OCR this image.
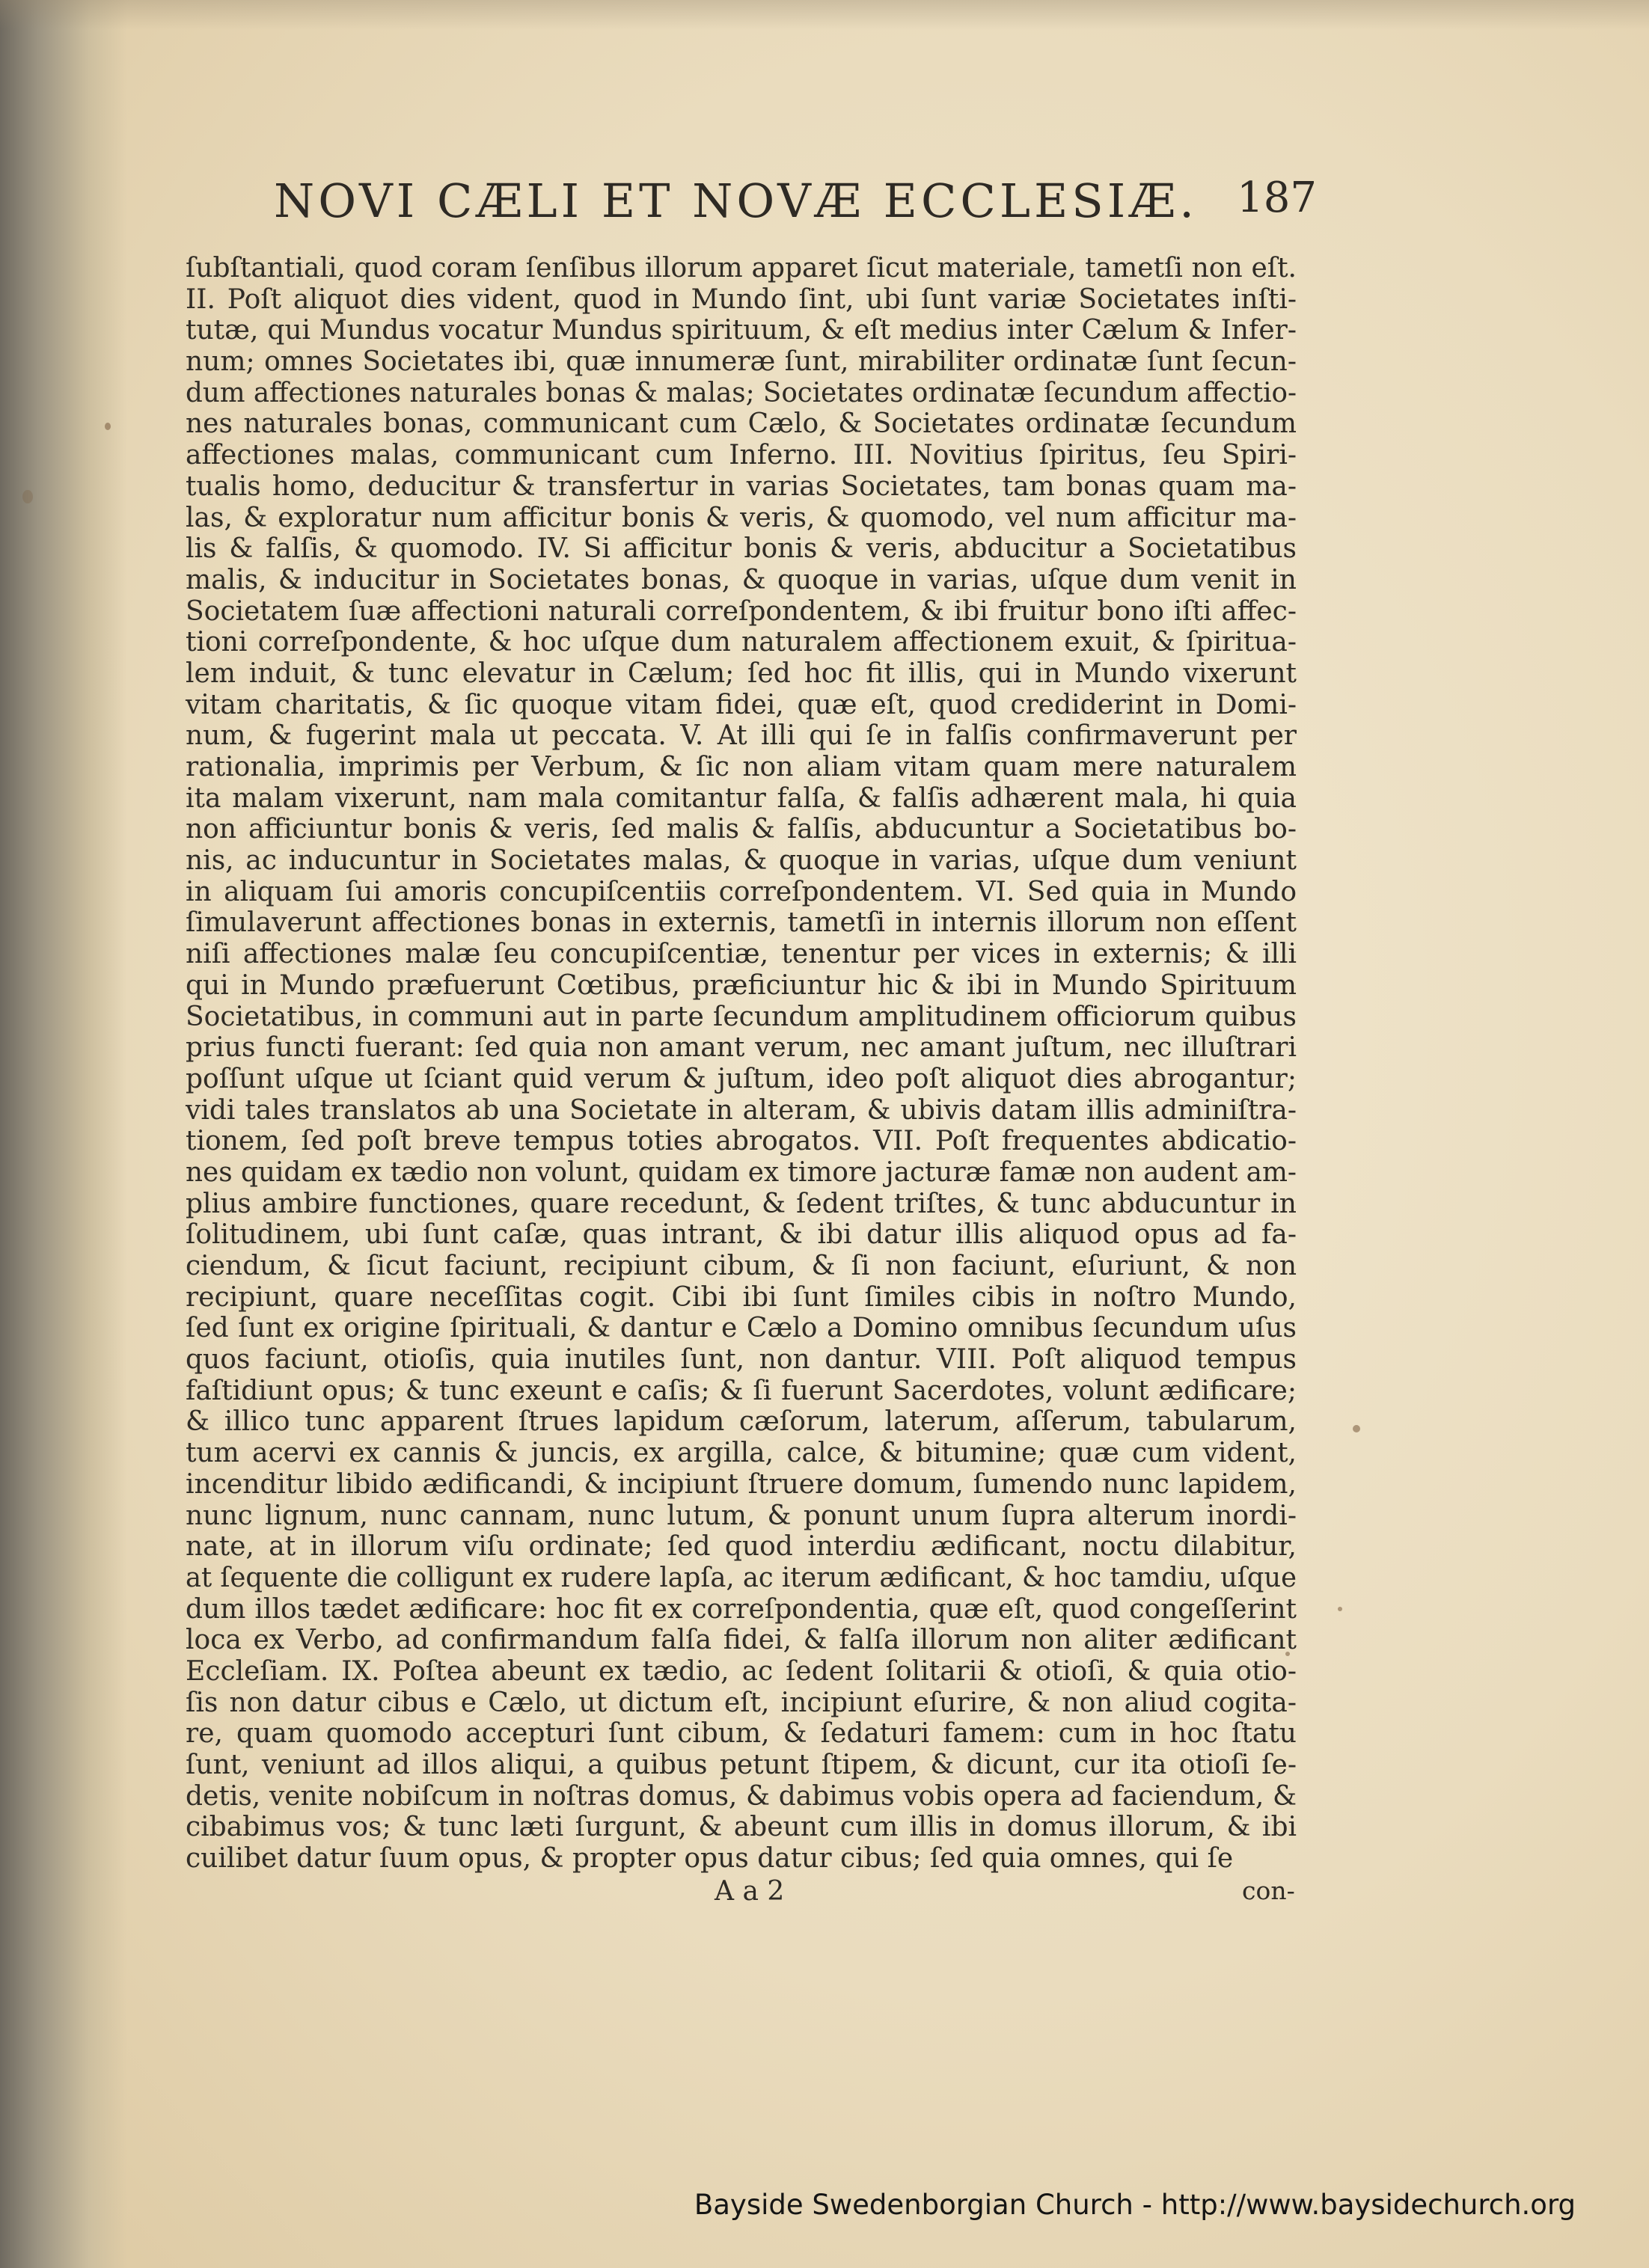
NOVI CÆLI ET NOVÆ ECCLESIÆ. 187
ſubſtantiali, quod coram ſenſibus illorum apparet ſicut materiale, tametſi non eſt.
II. Poſt aliquot dies vident, quod in Mundo ſint, ubi ſunt variæ Societates inſti-
tutæ, qui Mundus vocatur Mundus spirituum, & eſt medius inter Cælum & Infer-
num; omnes Societates ibi, quæ innumeræ ſunt, mirabiliter ordinatæ ſunt ſecun-
dum affectiones naturales bonas & malas; Societates ordinatæ ſecundum affectio-
nes naturales bonas, communicant cum Cælo, & Societates ordinatæ ſecundum
affectiones malas, communicant cum Inferno. III. Novitius ſpiritus, ſeu Spiri-
tualis homo, deducitur & transfertur in varias Societates, tam bonas quam ma-
las, & exploratur num afficitur bonis & veris, & quomodo, vel num afficitur ma-
lis & falſis, & quomodo. IV. Si afficitur bonis & veris, abducitur a Societatibus
malis, & inducitur in Societates bonas, & quoque in varias, uſque dum venit in
Societatem ſuæ affectioni naturali correſpondentem, & ibi fruitur bono iſti affec-
tioni correſpondente, & hoc uſque dum naturalem affectionem exuit, & ſpiritua-
lem induit, & tunc elevatur in Cælum; ſed hoc fit illis, qui in Mundo vixerunt
vitam charitatis, & ſic quoque vitam fidei, quæ eſt, quod crediderint in Domi-
num, & fugerint mala ut peccata. V. At illi qui ſe in falſis confirmaverunt per
rationalia, imprimis per Verbum, & ſic non aliam vitam quam mere naturalem
ita malam vixerunt, nam mala comitantur falſa, & falſis adhærent mala, hi quia
non afficiuntur bonis & veris, ſed malis & falſis, abducuntur a Societatibus bo-
nis, ac inducuntur in Societates malas, & quoque in varias, uſque dum veniunt
in aliquam ſui amoris concupiſcentiis correſpondentem. VI. Sed quia in Mundo
ſimulaverunt affectiones bonas in externis, tametſi in internis illorum non eſſent
niſi affectiones malæ ſeu concupiſcentiæ, tenentur per vices in externis; & illi
qui in Mundo præfuerunt Cœtibus, præficiuntur hic & ibi in Mundo Spirituum
Societatibus, in communi aut in parte ſecundum amplitudinem officiorum quibus
prius functi fuerant: ſed quia non amant verum, nec amant juſtum, nec illuſtrari
poſſunt uſque ut ſciant quid verum & juſtum, ideo poſt aliquot dies abrogantur;
vidi tales translatos ab una Societate in alteram, & ubivis datam illis adminiſtra-
tionem, ſed poſt breve tempus toties abrogatos. VII. Poſt frequentes abdicatio-
nes quidam ex tædio non volunt, quidam ex timore jacturæ famæ non audent am-
plius ambire functiones, quare recedunt, & ſedent triſtes, & tunc abducuntur in
ſolitudinem, ubi ſunt caſæ, quas intrant, & ibi datur illis aliquod opus ad fa-
ciendum, & ſicut faciunt, recipiunt cibum, & ſi non faciunt, eſuriunt, & non
recipiunt, quare neceſſitas cogit. Cibi ibi ſunt ſimiles cibis in noſtro Mundo,
ſed ſunt ex origine ſpirituali, & dantur e Cælo a Domino omnibus ſecundum uſus
quos faciunt, otioſis, quia inutiles ſunt, non dantur. VIII. Poſt aliquod tempus
faſtidiunt opus; & tunc exeunt e caſis; & ſi fuerunt Sacerdotes, volunt ædificare;
& illico tunc apparent ſtrues lapidum cæſorum, laterum, aſſerum, tabularum,
tum acervi ex cannis & juncis, ex argilla, calce, & bitumine; quæ cum vident,
incenditur libido ædificandi, & incipiunt ſtruere domum, ſumendo nunc lapidem,
nunc lignum, nunc cannam, nunc lutum, & ponunt unum ſupra alterum inordi-
nate, at in illorum viſu ordinate; ſed quod interdiu ædificant, noctu dilabitur,
at ſequente die colligunt ex rudere lapſa, ac iterum ædificant, & hoc tamdiu, uſque
dum illos tædet ædificare: hoc fit ex correſpondentia, quæ eſt, quod congeſſerint
loca ex Verbo, ad confirmandum falſa fidei, & falſa illorum non aliter ædificant
Eccleſiam. IX. Poſtea abeunt ex tædio, ac ſedent ſolitarii & otioſi, & quia otio-
ſis non datur cibus e Cælo, ut dictum eſt, incipiunt eſurire, & non aliud cogita-
re, quam quomodo accepturi ſunt cibum, & ſedaturi famem: cum in hoc ſtatu
ſunt, veniunt ad illos aliqui, a quibus petunt ſtipem, & dicunt, cur ita otioſi ſe-
detis, venite nobiſcum in noſtras domus, & dabimus vobis opera ad faciendum, &
cibabimus vos; & tunc læti ſurgunt, & abeunt cum illis in domus illorum, & ibi
cuilibet datur ſuum opus, & propter opus datur cibus; ſed quia omnes, qui ſe
A a 2	con-
Bayside Swedenborgian Church - http://www.baysidechurch.org
